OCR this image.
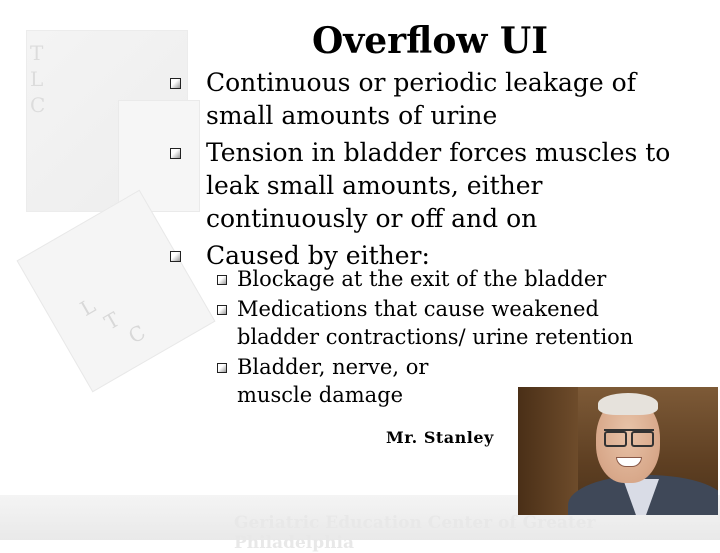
T
L
C
L
T C
Overflow UI
Continuous or periodic leakage of small amounts of urine
Tension in bladder forces muscles to leak small amounts, either continuously or off and on
Caused by either:
Blockage at the exit of the bladder
Medications that cause weakened bladder contractions/ urine retention
Bladder, nerve, or muscle damage
Mr. Stanley
Geriatric Education Center of Greater Philadelphia
